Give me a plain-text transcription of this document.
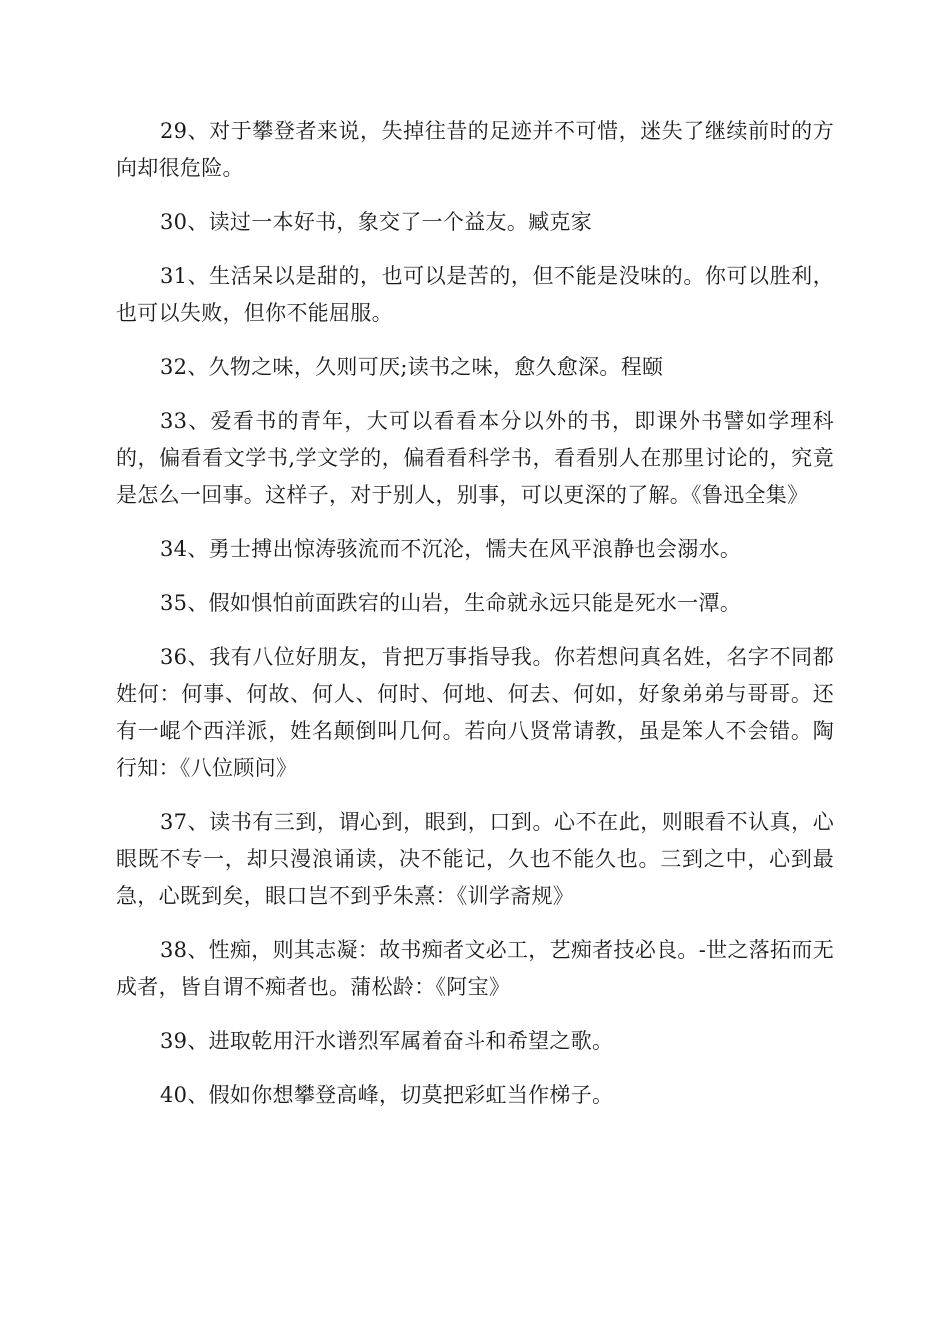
29、对于攀登者来说，失掉往昔的足迹并不可惜，迷失了继续前时的方向却很危险。

30、读过一本好书，象交了一个益友。臧克家

31、生活呆以是甜的，也可以是苦的，但不能是没味的。你可以胜利，也可以失败，但你不能屈服。

32、久物之味，久则可厌;读书之味，愈久愈深。程颐

33、爱看书的青年，大可以看看本分以外的书，即课外书譬如学理科的，偏看看文学书,学文学的，偏看看科学书，看看别人在那里讨论的，究竟是怎么一回事。这样子，对于别人，别事，可以更深的了解。《鲁迅全集》

34、勇士搏出惊涛骇流而不沉沦，懦夫在风平浪静也会溺水。

35、假如惧怕前面跌宕的山岩，生命就永远只能是死水一潭。

36、我有八位好朋友，肯把万事指导我。你若想问真名姓，名字不同都姓何：何事、何故、何人、何时、何地、何去、何如，好象弟弟与哥哥。还有一崐个西洋派，姓名颠倒叫几何。若向八贤常请教，虽是笨人不会错。陶行知：《八位顾问》

37、读书有三到，谓心到，眼到，口到。心不在此，则眼看不认真，心眼既不专一，却只漫浪诵读，决不能记，久也不能久也。三到之中，心到最急，心既到矣，眼口岂不到乎朱熹：《训学斋规》

38、性痴，则其志凝：故书痴者文必工，艺痴者技必良。-世之落拓而无成者，皆自谓不痴者也。蒲松龄：《阿宝》

39、进取乾用汗水谱烈军属着奋斗和希望之歌。

40、假如你想攀登高峰，切莫把彩虹当作梯子。
